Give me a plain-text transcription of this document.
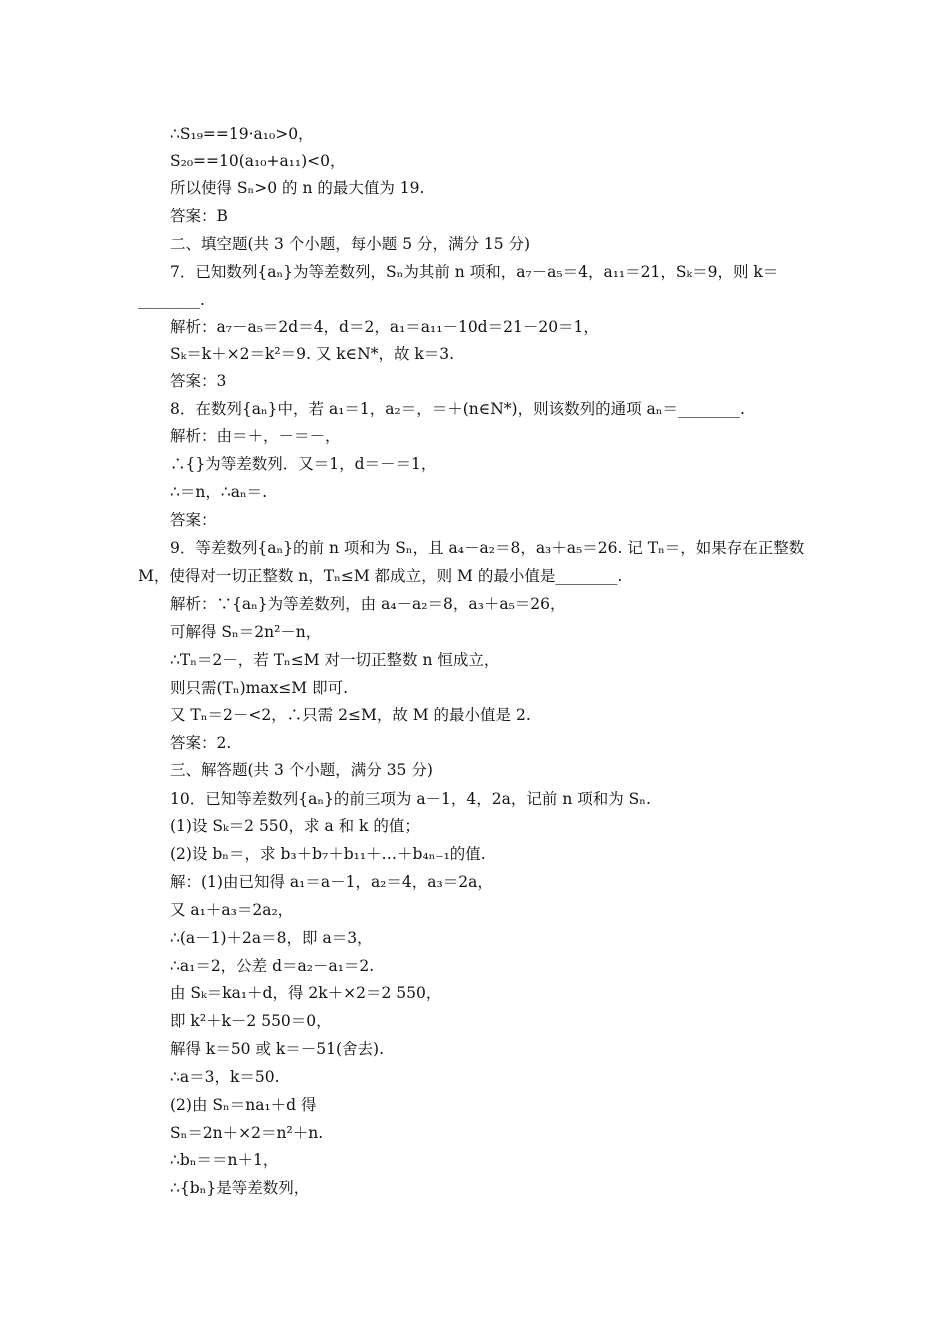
∴S₁₉==19·a₁₀>0，
S₂₀==10(a₁₀+a₁₁)<0，
所以使得 Sₙ>0 的 n 的最大值为 19.
答案：B
二、填空题(共 3 个小题，每小题 5 分，满分 15 分)
7．已知数列{aₙ}为等差数列，Sₙ为其前 n 项和，a₇－a₅＝4，a₁₁＝21，Sₖ＝9，则 k＝
________.
解析：a₇－a₅＝2d＝4，d＝2，a₁＝a₁₁－10d＝21－20＝1，
Sₖ＝k＋×2＝k²＝9. 又 k∈N*，故 k＝3.
答案：3
8．在数列{aₙ}中，若 a₁＝1，a₂＝，＝＋(n∈N*)，则该数列的通项 aₙ＝________.
解析：由＝＋，－＝－，
∴{}为等差数列．又＝1，d＝－＝1，
∴＝n，∴aₙ＝.
答案：
9．等差数列{aₙ}的前 n 项和为 Sₙ，且 a₄－a₂＝8，a₃＋a₅＝26. 记 Tₙ＝，如果存在正整数
M，使得对一切正整数 n，Tₙ≤M 都成立，则 M 的最小值是________.
解析：∵{aₙ}为等差数列，由 a₄－a₂＝8，a₃＋a₅＝26，
可解得 Sₙ＝2n²－n，
∴Tₙ＝2－，若 Tₙ≤M 对一切正整数 n 恒成立，
则只需(Tₙ)max≤M 即可.
又 Tₙ＝2－<2，∴只需 2≤M，故 M 的最小值是 2.
答案：2.
三、解答题(共 3 个小题，满分 35 分)
10．已知等差数列{aₙ}的前三项为 a－1，4，2a，记前 n 项和为 Sₙ.
(1)设 Sₖ＝2 550，求 a 和 k 的值；
(2)设 bₙ＝，求 b₃＋b₇＋b₁₁＋…＋b₄ₙ₋₁的值.
解：(1)由已知得 a₁＝a－1，a₂＝4，a₃＝2a，
又 a₁＋a₃＝2a₂，
∴(a－1)＋2a＝8，即 a＝3，
∴a₁＝2，公差 d＝a₂－a₁＝2.
由 Sₖ＝ka₁＋d，得 2k＋×2＝2 550，
即 k²＋k－2 550＝0，
解得 k＝50 或 k＝－51(舍去).
∴a＝3，k＝50.
(2)由 Sₙ＝na₁＋d 得
Sₙ＝2n＋×2＝n²＋n.
∴bₙ＝＝n＋1，
∴{bₙ}是等差数列，
